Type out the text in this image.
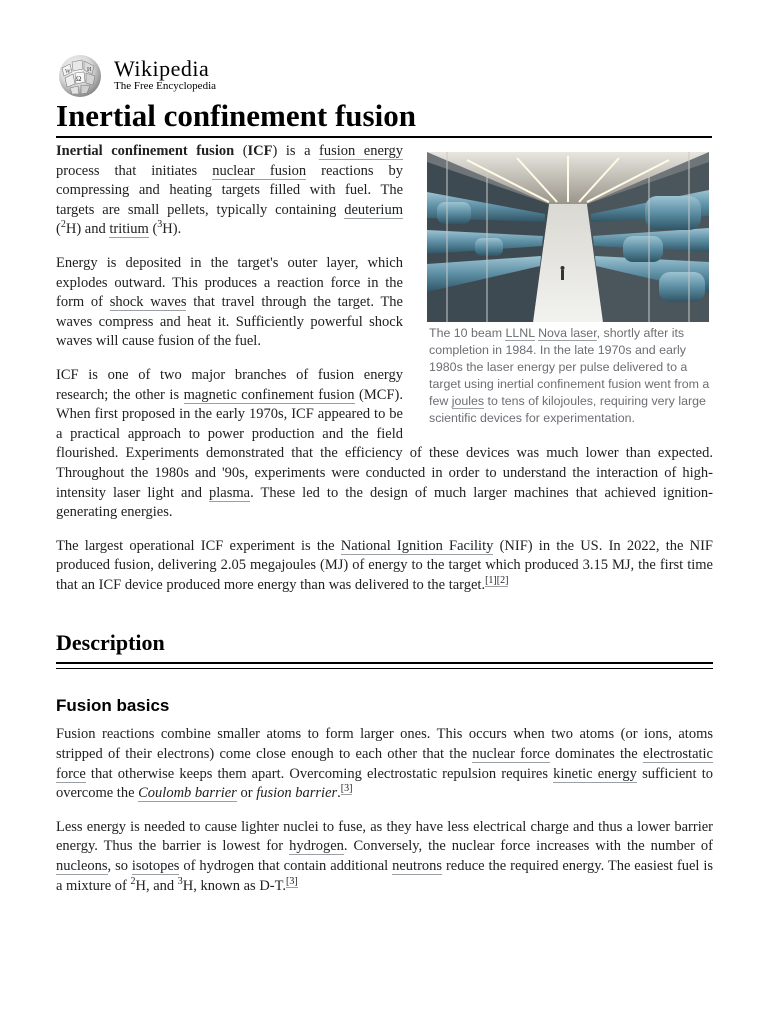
Ω
W	И Wikipedia
The Free Encyclopedia
Inertial confinement fusion
The 10 beam LLNL Nova laser, shortly after its completion in 1984. In the late 1970s and early 1980s the laser energy per pulse delivered to a target using inertial confinement fusion went from a few joules to tens of kilojoules, requiring very large scientific devices for experimentation.

Inertial confinement fusion (ICF) is a fusion energy process that initiates nuclear fusion reactions by compressing and heating targets filled with fuel. The targets are small pellets, typically containing deuterium ($^2$H) and tritium ($^3$H).

Energy is deposited in the target's outer layer, which explodes outward. This produces a reaction force in the form of shock waves that travel through the target. The waves compress and heat it. Sufficiently powerful shock waves will cause fusion of the fuel.

ICF is one of two major branches of fusion energy research; the other is magnetic confinement fusion (MCF). When first proposed in the early 1970s, ICF appeared to be a practical approach to power production and the field flourished. Experiments demonstrated that the efficiency of these devices was much lower than expected. Throughout the 1980s and '90s, experiments were conducted in order to understand the interaction of high-intensity laser light and plasma. These led to the design of much larger machines that achieved ignition-generating energies.

The largest operational ICF experiment is the National Ignition Facility (NIF) in the US. In 2022, the NIF produced fusion, delivering 2.05 megajoules (MJ) of energy to the target which produced 3.15 MJ, the first time that an ICF device produced more energy than was delivered to the target.[1][2]

Description
Fusion basics

Fusion reactions combine smaller atoms to form larger ones. This occurs when two atoms (or ions, atoms stripped of their electrons) come close enough to each other that the nuclear force dominates the electrostatic force that otherwise keeps them apart. Overcoming electrostatic repulsion requires kinetic energy sufficient to overcome the Coulomb barrier or fusion barrier.[3]

Less energy is needed to cause lighter nuclei to fuse, as they have less electrical charge and thus a lower barrier energy. Thus the barrier is lowest for hydrogen. Conversely, the nuclear force increases with the number of nucleons, so isotopes of hydrogen that contain additional neutrons reduce the required energy. The easiest fuel is a mixture of $^2$H, and $^3$H, known as D-T.[3]
